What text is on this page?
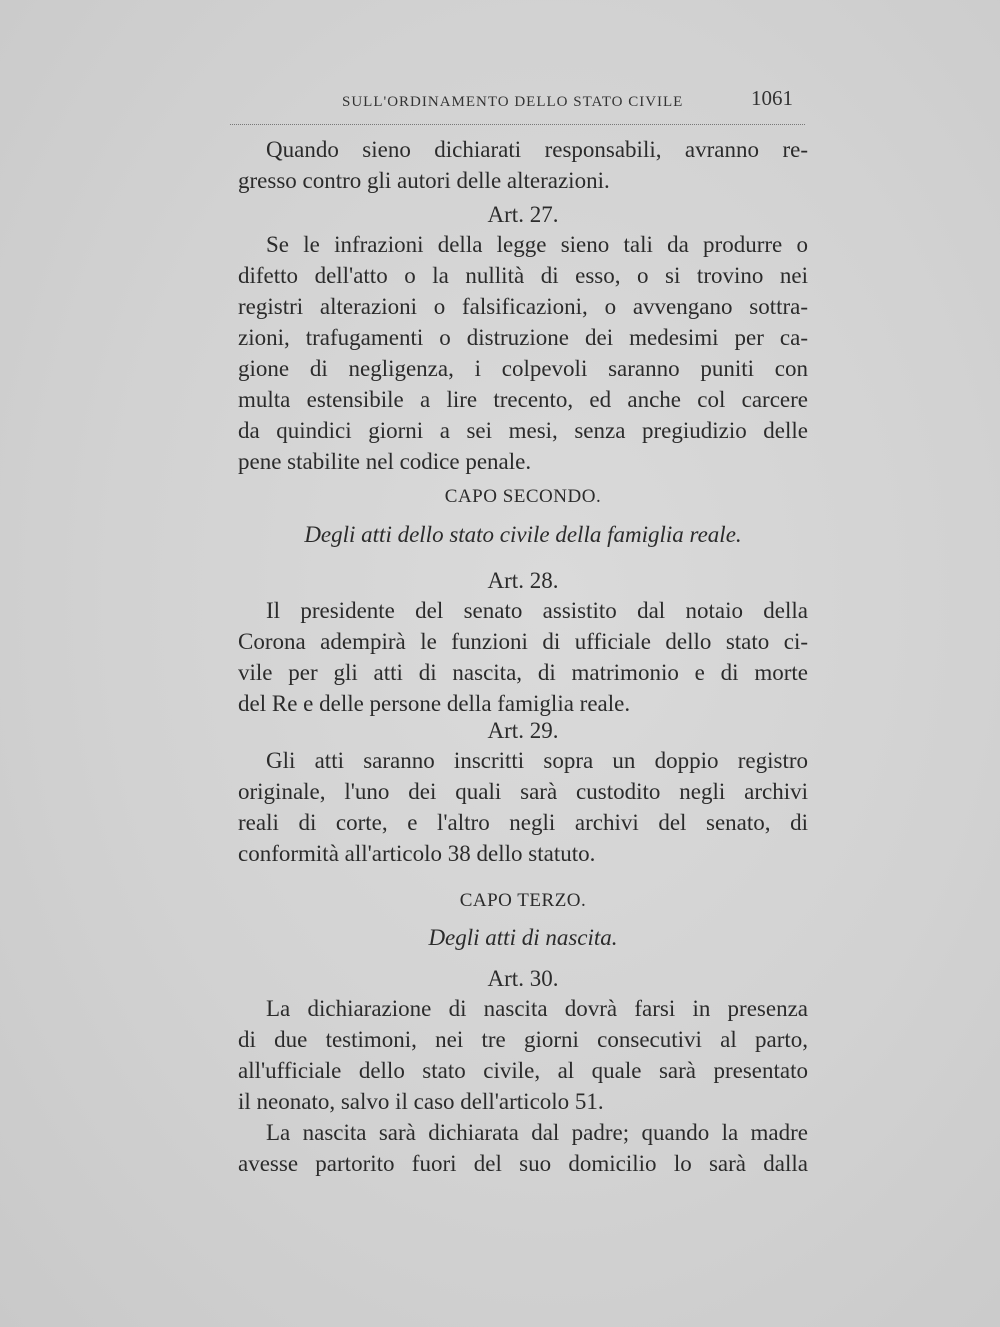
SULL'ORDINAMENTO DELLO STATO CIVILE	1061

Quando sieno dichiarati responsabili, avranno re-

gresso contro gli autori delle alterazioni.

Art. 27.

Se le infrazioni della legge sieno tali da produrre o

difetto dell'atto o la nullità di esso, o si trovino nei

registri alterazioni o falsificazioni, o avvengano sottra-

zioni, trafugamenti o distruzione dei medesimi per ca-

gione di negligenza, i colpevoli saranno puniti con

multa estensibile a lire trecento, ed anche col carcere

da quindici giorni a sei mesi, senza pregiudizio delle

pene stabilite nel codice penale.

CAPO SECONDO.
Degli atti dello stato civile della famiglia reale.
Art. 28.

Il presidente del senato assistito dal notaio della

Corona adempirà le funzioni di ufficiale dello stato ci-

vile per gli atti di nascita, di matrimonio e di morte

del Re e delle persone della famiglia reale.

Art. 29.

Gli atti saranno inscritti sopra un doppio registro

originale, l'uno dei quali sarà custodito negli archivi

reali di corte, e l'altro negli archivi del senato, di

conformità all'articolo 38 dello statuto.

CAPO TERZO.
Degli atti di nascita.
Art. 30.

La dichiarazione di nascita dovrà farsi in presenza

di due testimoni, nei tre giorni consecutivi al parto,

all'ufficiale dello stato civile, al quale sarà presentato

il neonato, salvo il caso dell'articolo 51.

La nascita sarà dichiarata dal padre; quando la madre

avesse partorito fuori del suo domicilio lo sarà dalla
